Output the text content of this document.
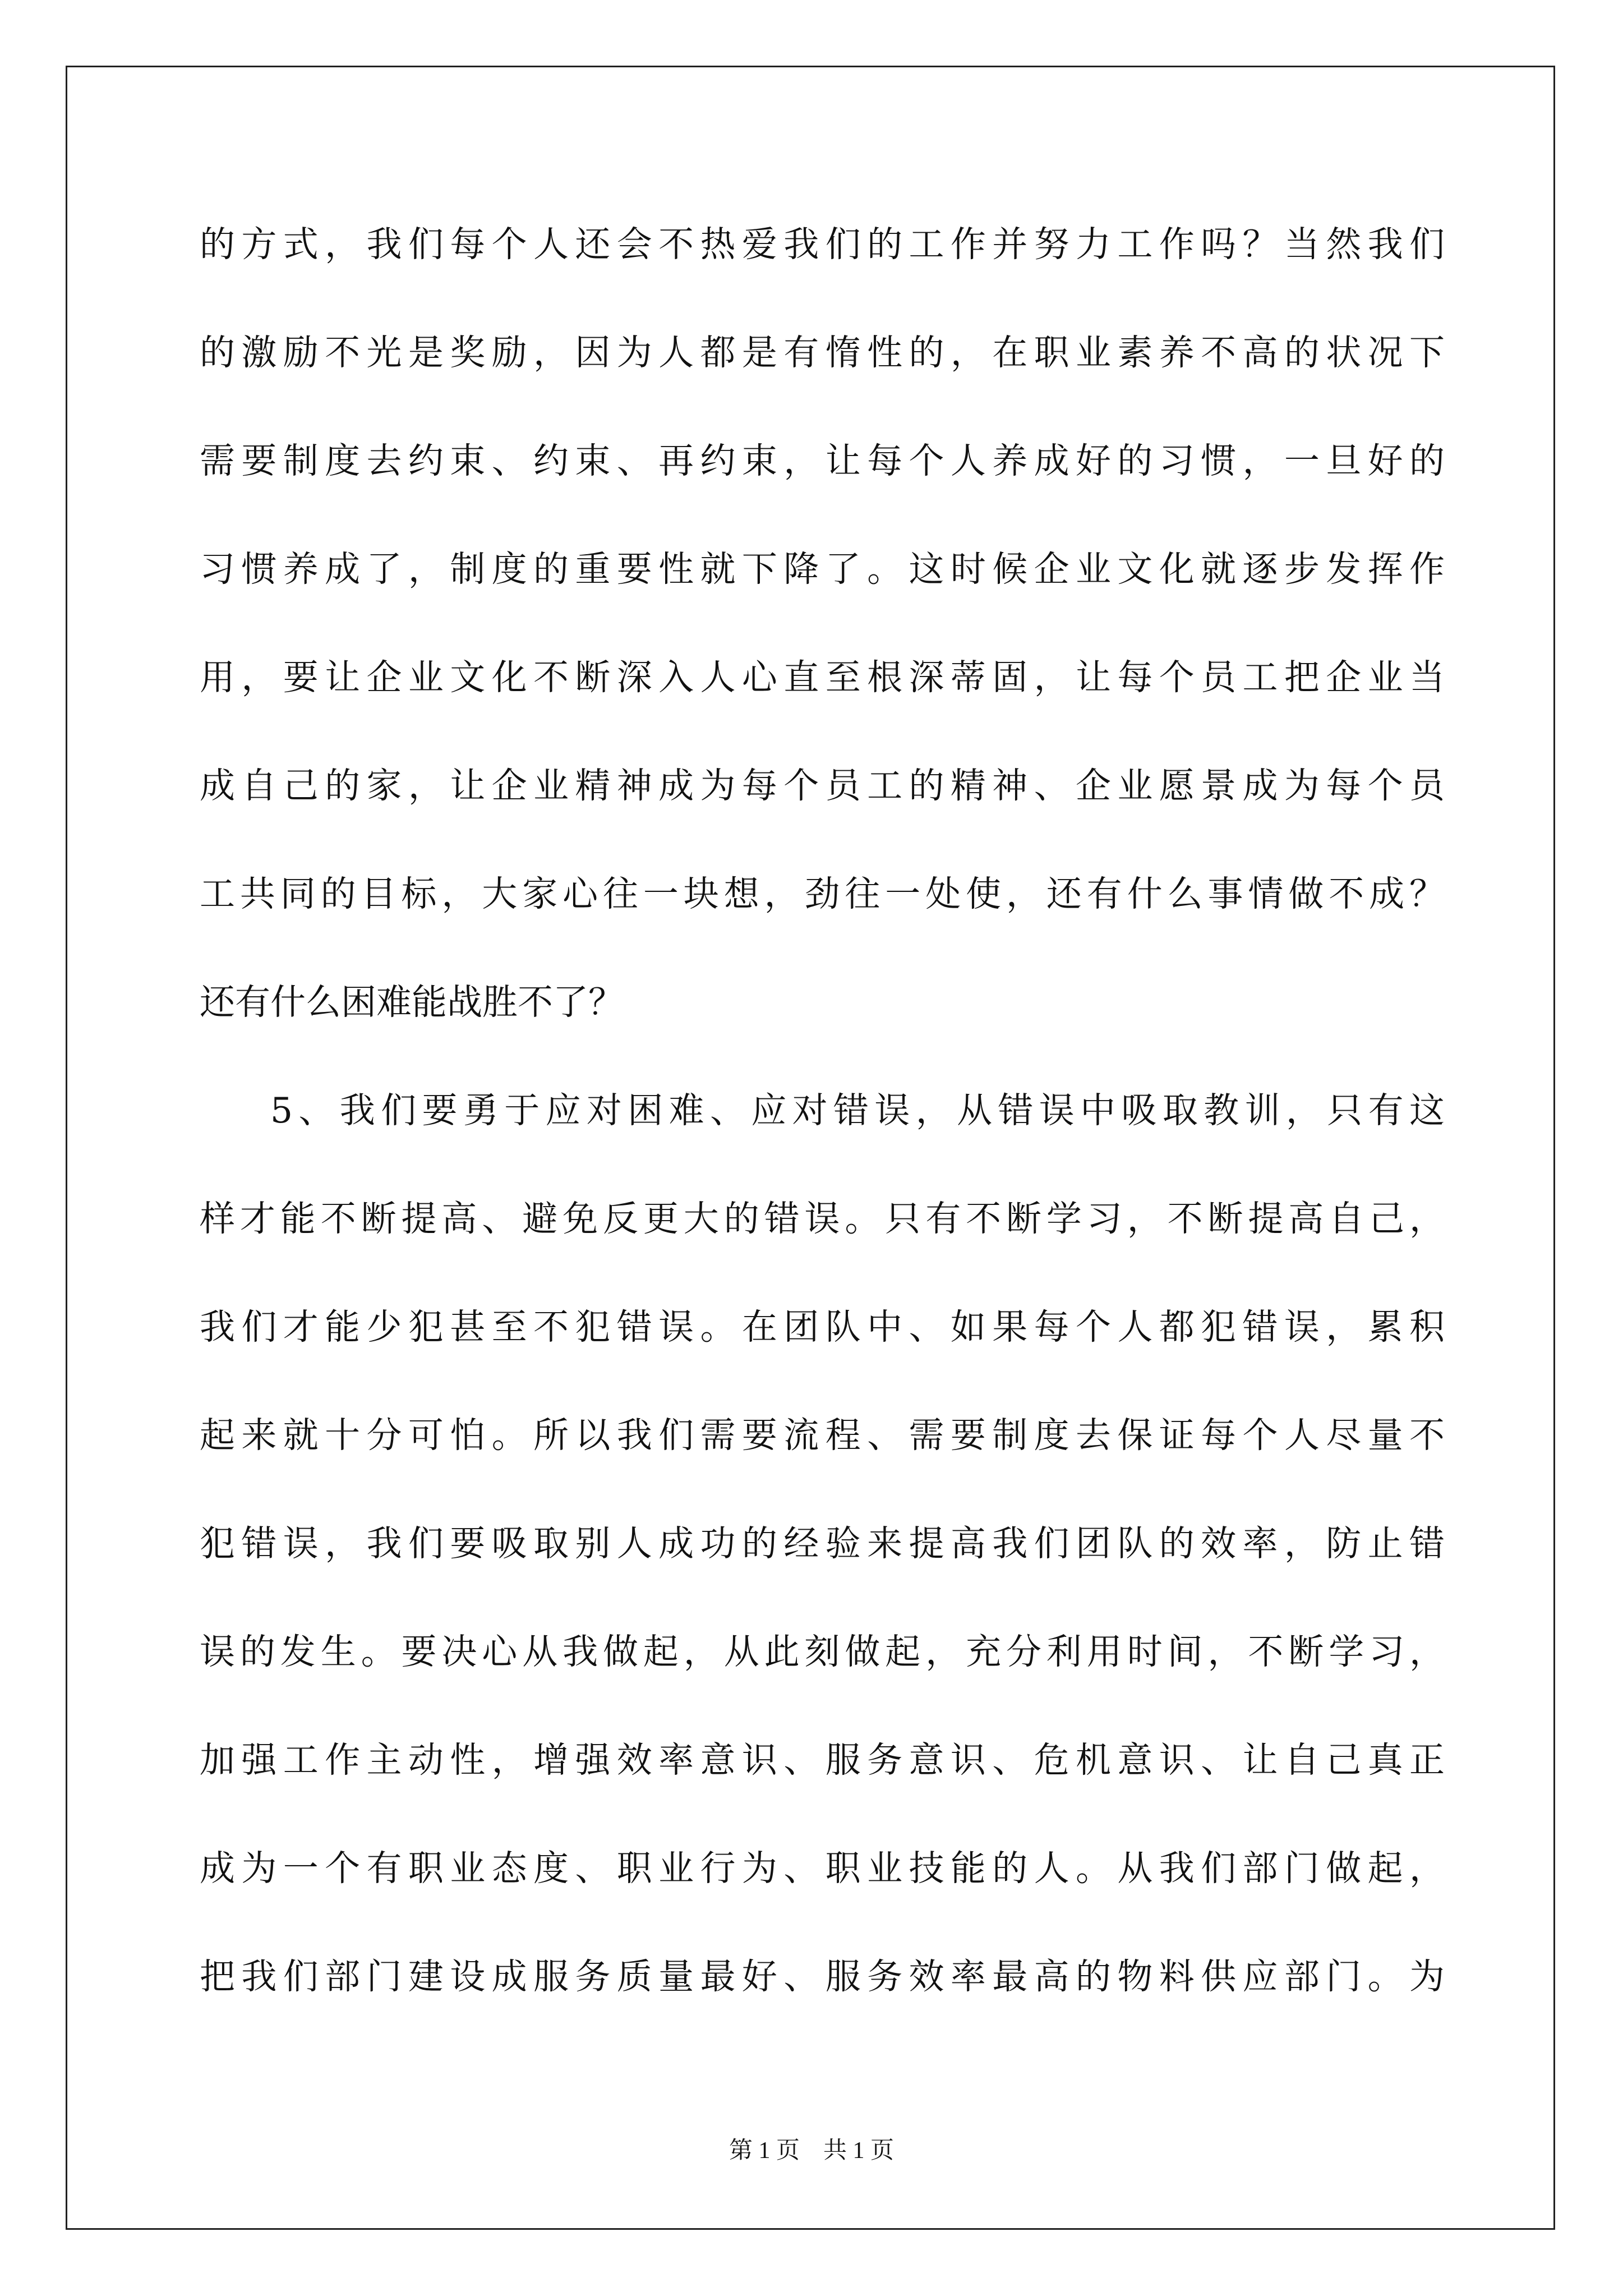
的方式，我们每个人还会不热爱我们的工作并努力工作吗？当然我们
的激励不光是奖励，因为人都是有惰性的，在职业素养不高的状况下
需要制度去约束、约束、再约束，让每个人养成好的习惯，一旦好的
习惯养成了，制度的重要性就下降了。这时候企业文化就逐步发挥作
用，要让企业文化不断深入人心直至根深蒂固，让每个员工把企业当
成自己的家，让企业精神成为每个员工的精神、企业愿景成为每个员
工共同的目标，大家心往一块想，劲往一处使，还有什么事情做不成？
还有什么困难能战胜不了？
5、我们要勇于应对困难、应对错误，从错误中吸取教训，只有这
样才能不断提高、避免反更大的错误。只有不断学习，不断提高自己，
我们才能少犯甚至不犯错误。在团队中、如果每个人都犯错误，累积
起来就十分可怕。所以我们需要流程、需要制度去保证每个人尽量不
犯错误，我们要吸取别人成功的经验来提高我们团队的效率，防止错
误的发生。要决心从我做起，从此刻做起，充分利用时间，不断学习，
加强工作主动性，增强效率意识、服务意识、危机意识、让自己真正
成为一个有职业态度、职业行为、职业技能的人。从我们部门做起，
把我们部门建设成服务质量最好、服务效率最高的物料供应部门。为
第 1 页    共 1 页
